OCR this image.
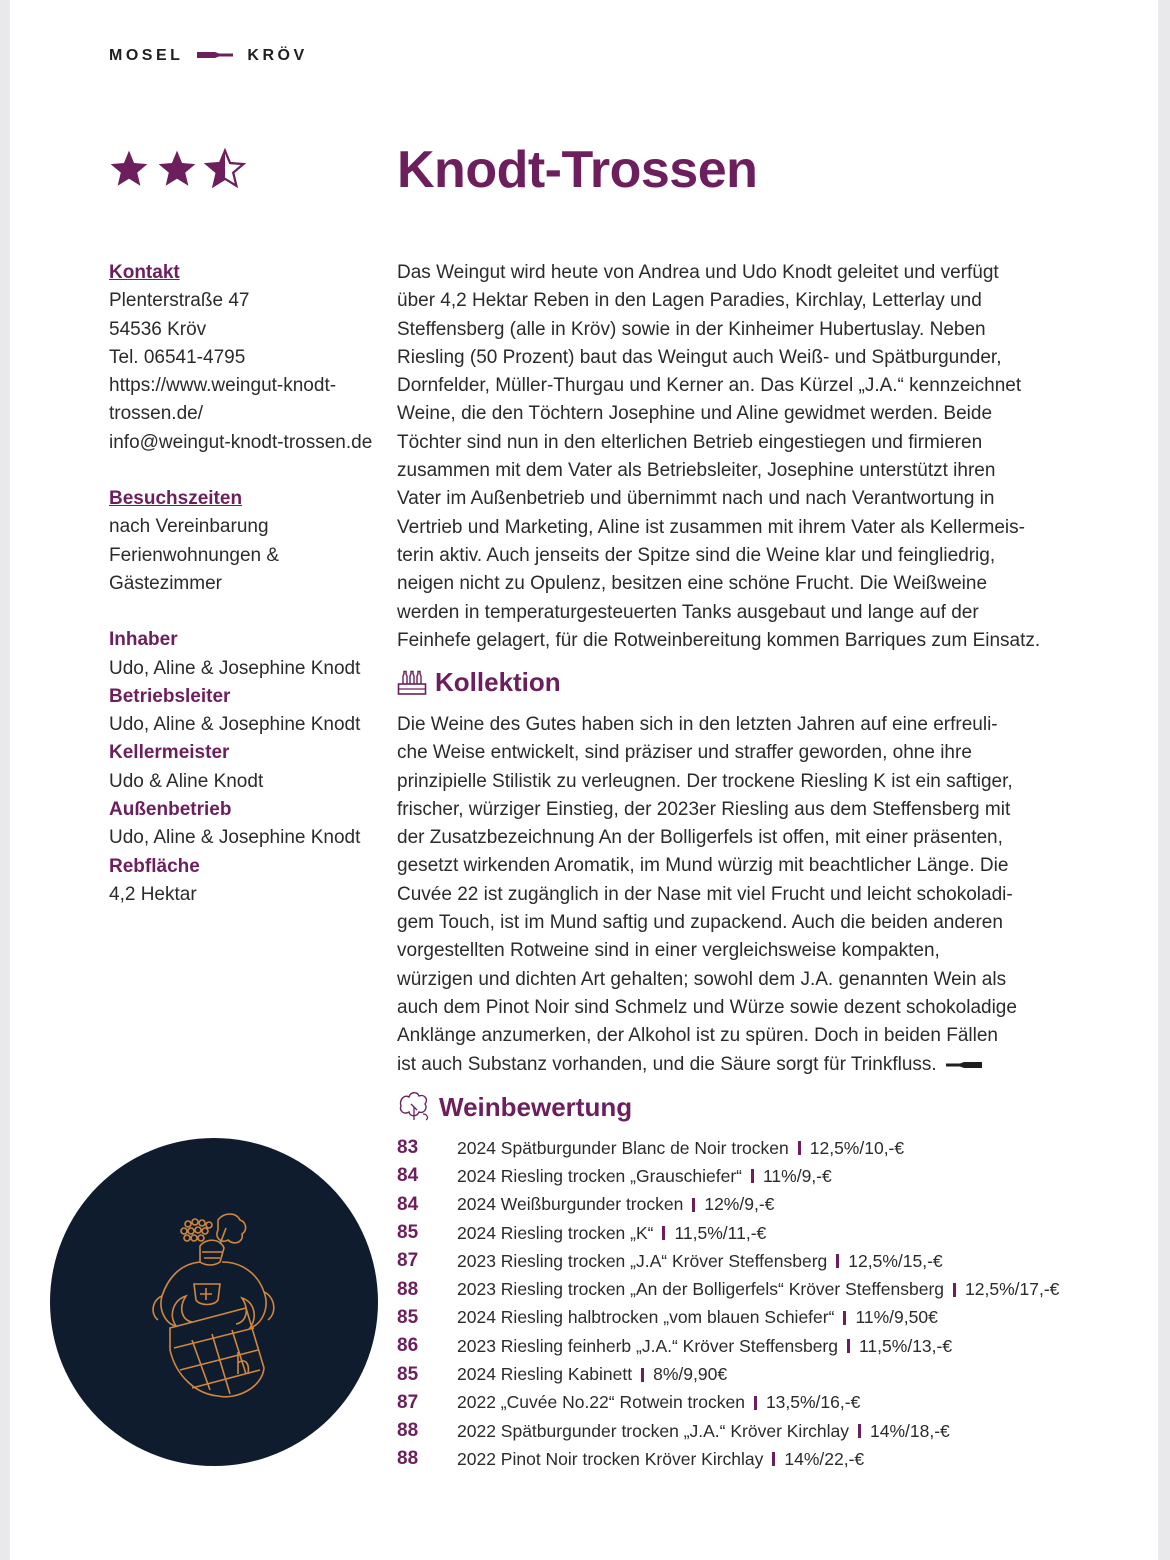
MOSEL	KRÖV
Knodt-Trossen
Kontakt
Plenterstraße 47
54536 Kröv
Tel. 06541-4795
https://www.weingut-knodt-
trossen.de/
info@weingut-knodt-trossen.de
Besuchszeiten
nach Vereinbarung
Ferienwohnungen &
Gästezimmer
Inhaber
Udo, Aline & Josephine Knodt
Betriebsleiter
Udo, Aline & Josephine Knodt
Kellermeister
Udo & Aline Knodt
Außenbetrieb
Udo, Aline & Josephine Knodt
Rebfläche
4,2 Hektar
Das Weingut wird heute von Andrea und Udo Knodt geleitet und verfügt
über 4,2 Hektar Reben in den Lagen Paradies, Kirchlay, Letterlay und
Steffensberg (alle in Kröv) sowie in der Kinheimer Hubertuslay. Neben
Riesling (50 Prozent) baut das Weingut auch Weiß- und Spätburgunder,
Dornfelder, Müller-Thurgau und Kerner an. Das Kürzel „J.A.“ kennzeichnet
Weine, die den Töchtern Josephine und Aline gewidmet werden. Beide
Töchter sind nun in den elterlichen Betrieb eingestiegen und firmieren
zusammen mit dem Vater als Betriebsleiter, Josephine unterstützt ihren
Vater im Außenbetrieb und übernimmt nach und nach Verantwortung in
Vertrieb und Marketing, Aline ist zusammen mit ihrem Vater als Kellermeis-
terin aktiv. Auch jenseits der Spitze sind die Weine klar und feingliedrig,
neigen nicht zu Opulenz, besitzen eine schöne Frucht. Die Weißweine
werden in temperaturgesteuerten Tanks ausgebaut und lange auf der
Feinhefe gelagert, für die Rotweinbereitung kommen Barriques zum Einsatz.
Kollektion
Die Weine des Gutes haben sich in den letzten Jahren auf eine erfreuli-
che Weise entwickelt, sind präziser und straffer geworden, ohne ihre
prinzipielle Stilistik zu verleugnen. Der trockene Riesling K ist ein saftiger,
frischer, würziger Einstieg, der 2023er Riesling aus dem Steffensberg mit
der Zusatzbezeichnung An der Bolligerfels ist offen, mit einer präsenten,
gesetzt wirkenden Aromatik, im Mund würzig mit beachtlicher Länge. Die
Cuvée 22 ist zugänglich in der Nase mit viel Frucht und leicht schokoladi-
gem Touch, ist im Mund saftig und zupackend. Auch die beiden anderen
vorgestellten Rotweine sind in einer vergleichsweise kompakten,
würzigen und dichten Art gehalten; sowohl dem J.A. genannten Wein als
auch dem Pinot Noir sind Schmelz und Würze sowie dezent schokoladige
Anklänge anzumerken, der Alkohol ist zu spüren. Doch in beiden Fällen
ist auch Substanz vorhanden, und die Säure sorgt für Trinkfluss.
Weinbewertung
83	2024 Spätburgunder Blanc de Noir trocken 12,5%/10,-€
84	2024 Riesling trocken „Grauschiefer“ 11%/9,-€
84	2024 Weißburgunder trocken 12%/9,-€
85	2024 Riesling trocken „K“ 11,5%/11,-€
87	2023 Riesling trocken „J.A“ Kröver Steffensberg 12,5%/15,-€
88	2023 Riesling trocken „An der Bolligerfels“ Kröver Steffensberg 12,5%/17,-€
85	2024 Riesling halbtrocken „vom blauen Schiefer“ 11%/9,50€
86	2023 Riesling feinherb „J.A.“ Kröver Steffensberg 11,5%/13,-€
85	2024 Riesling Kabinett 8%/9,90€
87	2022 „Cuvée No.22“ Rotwein trocken 13,5%/16,-€
88	2022 Spätburgunder trocken „J.A.“ Kröver Kirchlay 14%/18,-€
88	2022 Pinot Noir trocken Kröver Kirchlay 14%/22,-€
